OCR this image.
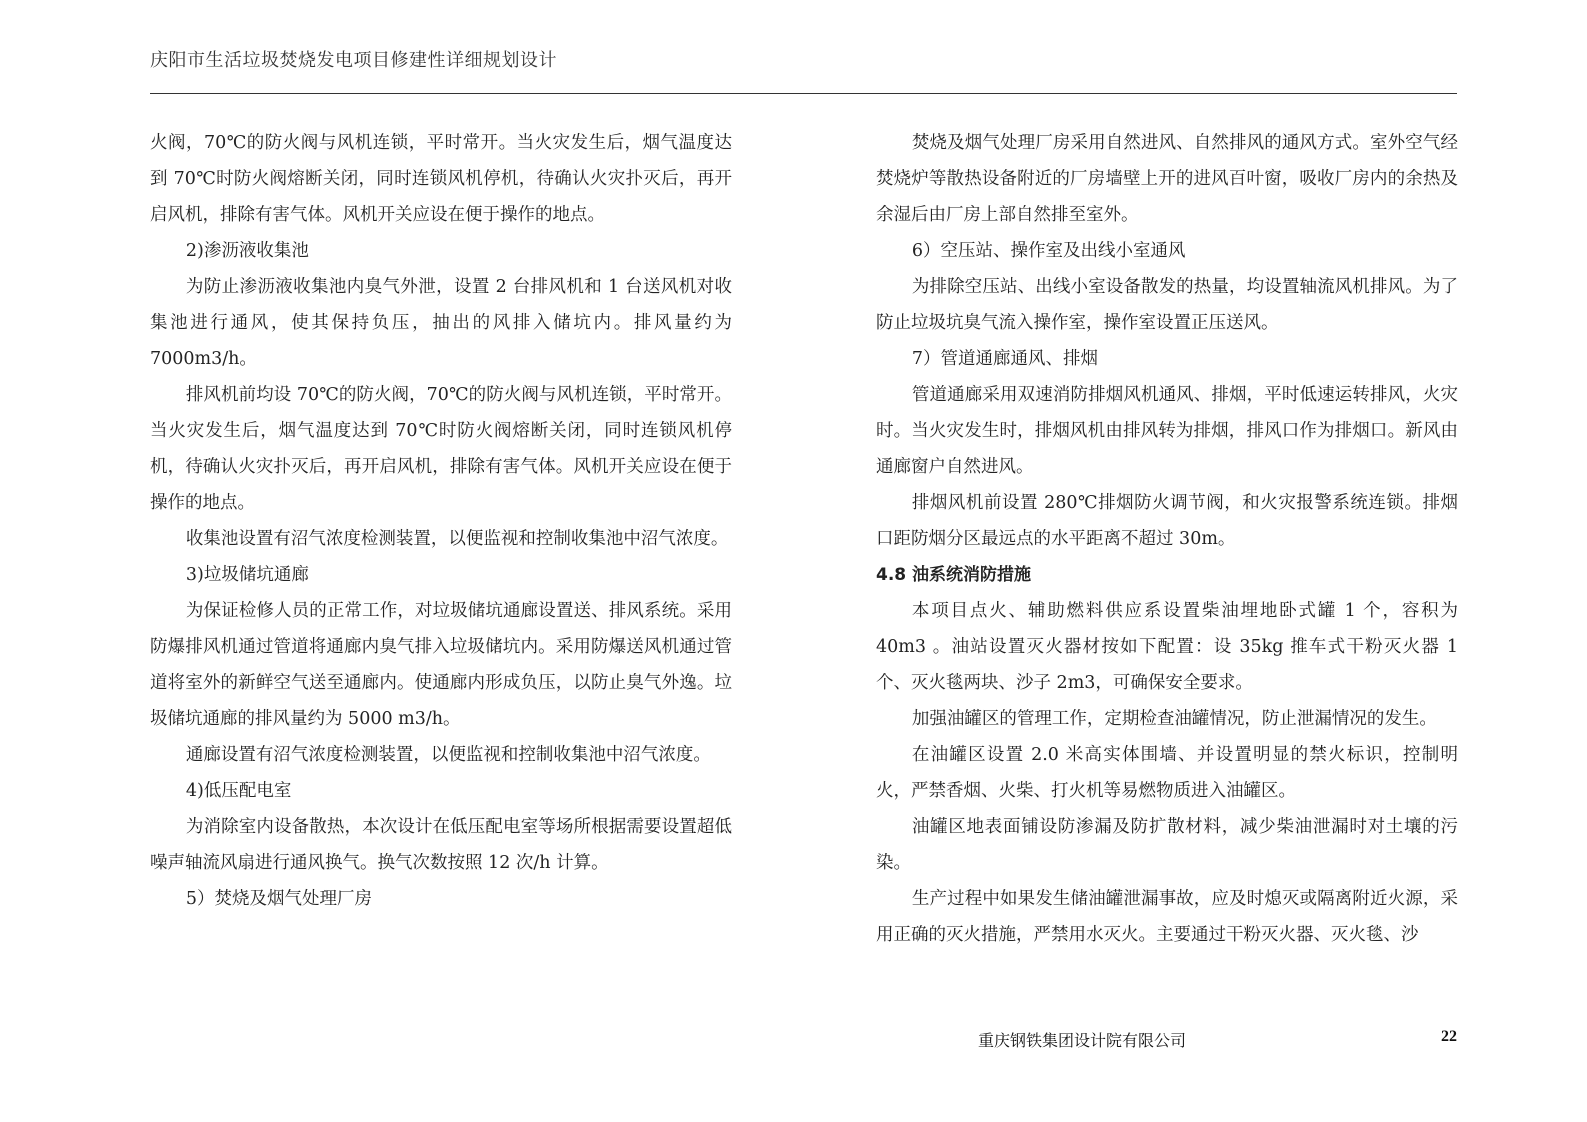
庆阳市生活垃圾焚烧发电项目修建性详细规划设计

火阀，70℃的防火阀与风机连锁，平时常开。当火灾发生后，烟气温度达到 70℃时防火阀熔断关闭，同时连锁风机停机，待确认火灾扑灭后，再开启风机，排除有害气体。风机开关应设在便于操作的地点。

2)渗沥液收集池

为防止渗沥液收集池内臭气外泄，设置 2 台排风机和 1 台送风机对收集池进行通风，使其保持负压，抽出的风排入储坑内。排风量约为 7000m3/h。

排风机前均设 70℃的防火阀，70℃的防火阀与风机连锁，平时常开。当火灾发生后，烟气温度达到 70℃时防火阀熔断关闭，同时连锁风机停机，待确认火灾扑灭后，再开启风机，排除有害气体。风机开关应设在便于操作的地点。

收集池设置有沼气浓度检测装置，以便监视和控制收集池中沼气浓度。

3)垃圾储坑通廊

为保证检修人员的正常工作，对垃圾储坑通廊设置送、排风系统。采用防爆排风机通过管道将通廊内臭气排入垃圾储坑内。采用防爆送风机通过管道将室外的新鲜空气送至通廊内。使通廊内形成负压，以防止臭气外逸。垃圾储坑通廊的排风量约为 5000 m3/h。

通廊设置有沼气浓度检测装置，以便监视和控制收集池中沼气浓度。

4)低压配电室

为消除室内设备散热，本次设计在低压配电室等场所根据需要设置超低噪声轴流风扇进行通风换气。换气次数按照 12 次/h 计算。

5）焚烧及烟气处理厂房

焚烧及烟气处理厂房采用自然进风、自然排风的通风方式。室外空气经焚烧炉等散热设备附近的厂房墙壁上开的进风百叶窗，吸收厂房内的余热及余湿后由厂房上部自然排至室外。

6）空压站、操作室及出线小室通风

为排除空压站、出线小室设备散发的热量，均设置轴流风机排风。为了防止垃圾坑臭气流入操作室，操作室设置正压送风。

7）管道通廊通风、排烟

管道通廊采用双速消防排烟风机通风、排烟，平时低速运转排风，火灾时。当火灾发生时，排烟风机由排风转为排烟，排风口作为排烟口。新风由通廊窗户自然进风。

排烟风机前设置 280℃排烟防火调节阀，和火灾报警系统连锁。排烟口距防烟分区最远点的水平距离不超过 30m。

4.8 油系统消防措施

本项目点火、辅助燃料供应系设置柴油埋地卧式罐 1 个，容积为 40m3 。油站设置灭火器材按如下配置：设 35kg 推车式干粉灭火器 1 个、灭火毯两块、沙子 2m3，可确保安全要求。

加强油罐区的管理工作，定期检查油罐情况，防止泄漏情况的发生。

在油罐区设置 2.0 米高实体围墙、并设置明显的禁火标识，控制明火，严禁香烟、火柴、打火机等易燃物质进入油罐区。

油罐区地表面铺设防渗漏及防扩散材料，减少柴油泄漏时对土壤的污染。

生产过程中如果发生储油罐泄漏事故，应及时熄灭或隔离附近火源，采用正确的灭火措施，严禁用水灭火。主要通过干粉灭火器、灭火毯、沙

重庆钢铁集团设计院有限公司	22
